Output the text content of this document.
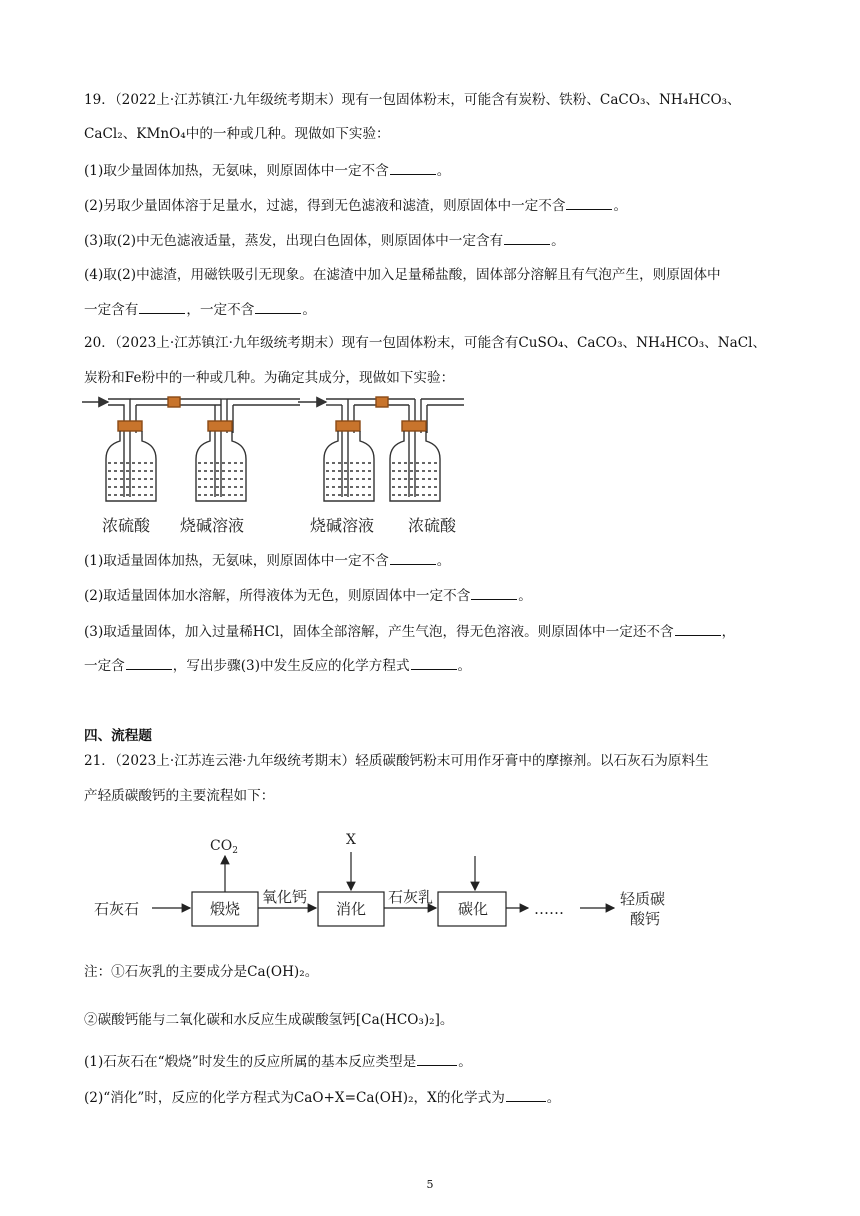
19．（2022上·江苏镇江·九年级统考期末）现有一包固体粉末，可能含有炭粉、铁粉、CaCO₃、NH₄HCO₃、
CaCl₂、KMnO₄中的一种或几种。现做如下实验：
(1)取少量固体加热，无氨味，则原固体中一定不含	。
(2)另取少量固体溶于足量水，过滤，得到无色滤液和滤渣，则原固体中一定不含	。
(3)取(2)中无色滤液适量，蒸发，出现白色固体，则原固体中一定含有	。
(4)取(2)中滤渣，用磁铁吸引无现象。在滤渣中加入足量稀盐酸，固体部分溶解且有气泡产生，则原固体中
一定含有	，一定不含	。
20．（2023上·江苏镇江·九年级统考期末）现有一包固体粉末，可能含有CuSO₄、CaCO₃、NH₄HCO₃、NaCl、
炭粉和Fe粉中的一种或几种。为确定其成分，现做如下实验：
浓硫酸 烧碱溶液	烧碱溶液 浓硫酸
(1)取适量固体加热，无氨味，则原固体中一定不含	。
(2)取适量固体加水溶解，所得液体为无色，则原固体中一定不含	。
(3)取适量固体，加入过量稀HCl，固体全部溶解，产生气泡，得无色溶液。则原固体中一定还不含	，
一定含	，写出步骤(3)中发生反应的化学方程式	。
四、流程题
21．（2023上·江苏连云港·九年级统考期末）轻质碳酸钙粉末可用作牙膏中的摩擦剂。以石灰石为原料生
产轻质碳酸钙的主要流程如下：
石灰石	煅烧
$CO_2$
氧化钙
X
消化
石灰乳
碳化	……
轻质碳
酸钙
注：①石灰乳的主要成分是Ca(OH)₂。
②碳酸钙能与二氧化碳和水反应生成碳酸氢钙[Ca(HCO₃)₂]。
(1)石灰石在“煅烧”时发生的反应所属的基本反应类型是	。
(2)“消化”时，反应的化学方程式为CaO+X=Ca(OH)₂，X的化学式为	。
5
